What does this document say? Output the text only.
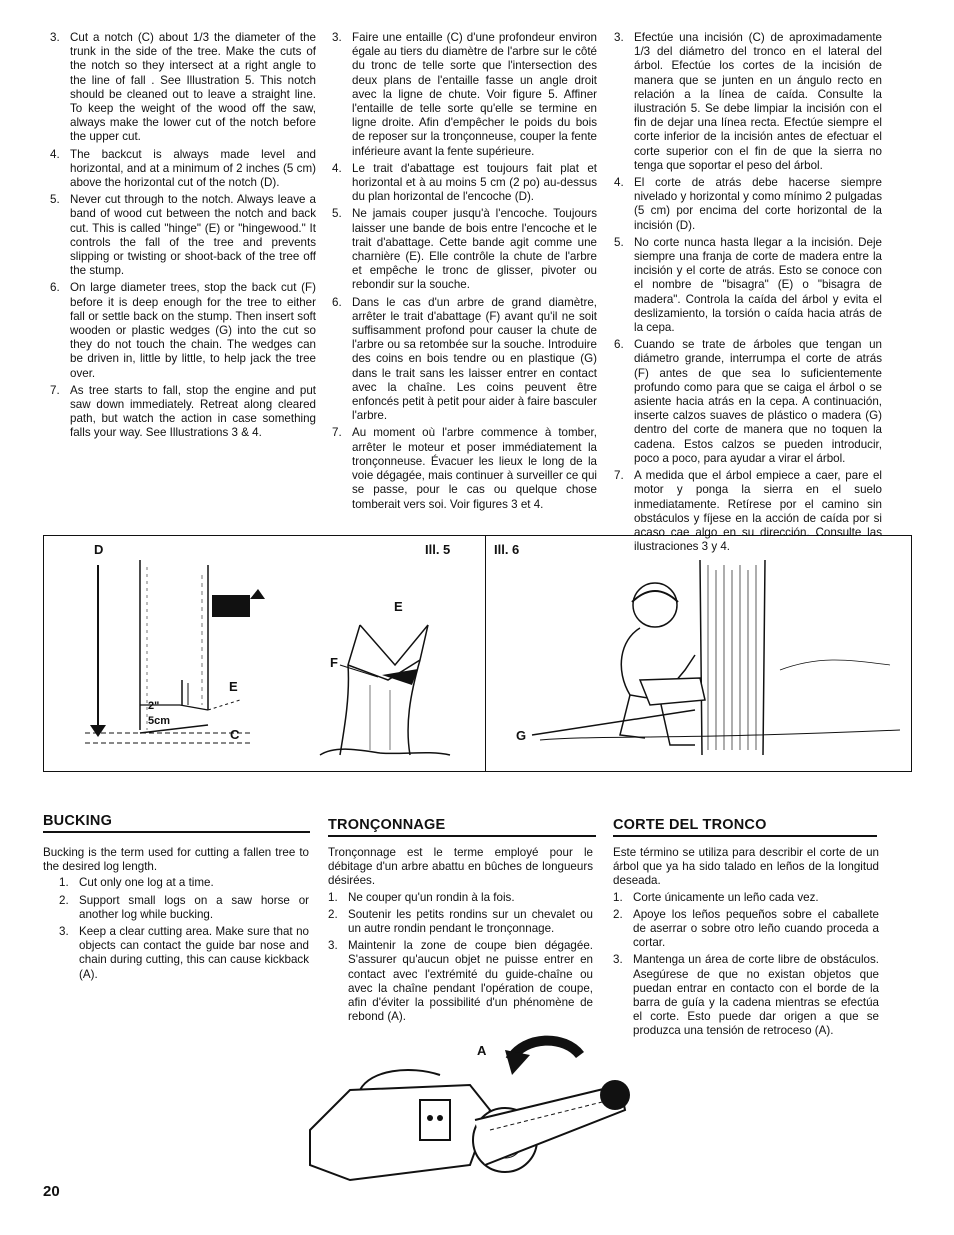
3. Cut a notch (C) about 1/3 the diameter of the trunk in the side of the tree. Make the cuts of the notch so they intersect at a right angle to the line of fall . See Illustration 5. This notch should be cleaned out to leave a straight line. To keep the weight of the wood off the saw, always make the lower cut of the notch before the upper cut.
4. The backcut is always made level and horizontal, and at a minimum of 2 inches (5 cm) above the horizontal cut of the notch (D).
5. Never cut through to the notch. Always leave a band of wood cut between the notch and back cut. This is called "hinge" (E) or "hingewood." It controls the fall of the tree and prevents slipping or twisting or shoot-back of the tree off the stump.
6. On large diameter trees, stop the back cut (F) before it is deep enough for the tree to either fall or settle back on the stump. Then insert soft wooden or plastic wedges (G) into the cut so they do not touch the chain. The wedges can be driven in, little by little, to help jack the tree over.
7. As tree starts to fall, stop the engine and put saw down immediately. Retreat along cleared path, but watch the action in case something falls your way. See Illustrations 3 & 4.
3. Faire une entaille (C) d'une profondeur environ égale au tiers du diamètre de l'arbre sur le côté du tronc de telle sorte que l'intersection des deux plans de l'entaille fasse un angle droit avec la ligne de chute. Voir figure 5. Affiner l'entaille de telle sorte qu'elle se termine en ligne droite. Afin d'empêcher le poids du bois de reposer sur la tronçonneuse, couper la fente inférieure avant la fente supérieure.
4. Le trait d'abattage est toujours fait plat et horizontal et à au moins 5 cm (2 po) au-dessus du plan horizontal de l'encoche (D).
5. Ne jamais couper jusqu'à l'encoche. Toujours laisser une bande de bois entre l'encoche et le trait d'abattage. Cette bande agit comme une charnière (E). Elle contrôle la chute de l'arbre et empêche le tronc de glisser, pivoter ou rebondir sur la souche.
6. Dans le cas d'un arbre de grand diamètre, arrêter le trait d'abattage (F) avant qu'il ne soit suffisamment profond pour causer la chute de l'arbre ou sa retombée sur la souche. Introduire des coins en bois tendre ou en plastique (G) dans le trait sans les laisser entrer en contact avec la chaîne. Les coins peuvent être enfoncés petit à petit pour aider à faire basculer l'arbre.
7. Au moment où l'arbre commence à tomber, arrêter le moteur et poser immédiatement la tronçonneuse. Évacuer les lieux le long de la voie dégagée, mais continuer à surveiller ce qui se passe, pour le cas ou quelque chose tomberait vers soi. Voir figures 3 et 4.
3. Efectúe una incisión (C) de aproximadamente 1/3 del diámetro del tronco en el lateral del árbol. Efectúe los cortes de la incisión de manera que se junten en un ángulo recto en relación a la línea de caída. Consulte la ilustración 5. Se debe limpiar la incisión con el fin de dejar una línea recta. Efectúe siempre el corte inferior de la incisión antes de efectuar el corte superior con el fin de que la sierra no tenga que soportar el peso del árbol.
4. El corte de atrás debe hacerse siempre nivelado y horizontal y como mínimo 2 pulgadas (5 cm) por encima del corte horizontal de la incisión (D).
5. No corte nunca hasta llegar a la incisión. Deje siempre una franja de corte de madera entre la incisión y el corte de atrás. Esto se conoce con el nombre de "bisagra" (E) o "bisagra de madera". Controla la caída del árbol y evita el deslizamiento, la torsión o caída hacia atrás de la cepa.
6. Cuando se trate de árboles que tengan un diámetro grande, interrumpa el corte de atrás (F) antes de que sea lo suficientemente profundo como para que se caiga el árbol o se asiente hacia atrás en la cepa. A continuación, inserte calzos suaves de plástico o madera (G) dentro del corte de manera que no toquen la cadena. Estos calzos se pueden introducir, poco a poco, para ayudar a virar el árbol.
7. A medida que el árbol empiece a caer, pare el motor y ponga la sierra en el suelo inmediatamente. Retírese por el camino sin obstáculos y fíjese en la acción de caída por si acaso cae algo en su dirección. Consulte las ilustraciones 3 y 4.
D	Ill. 5	Ill. 6
E
C
E
F
G
2"
5cm
BUCKING	TRONÇONNAGE	CORTE DEL TRONCO

Bucking is the term used for cutting a fallen tree to the desired log length.

1. Cut only one log at a time.
2. Support small logs on a saw horse or another log while bucking.
3. Keep a clear cutting area. Make sure that no objects can contact the guide bar nose and chain during cutting, this can cause kickback (A).

Tronçonnage est le terme employé pour le débitage d'un arbre abattu en bûches de longueurs désirées.

1. Ne couper qu'un rondin à la fois.
2. Soutenir les petits rondins sur un chevalet ou un autre rondin pendant le tronçonnage.
3. Maintenir la zone de coupe bien dégagée. S'assurer qu'aucun objet ne puisse entrer en contact avec l'extrémité du guide-chaîne ou avec la chaîne pendant l'opération de coupe, afin d'éviter la possibilité d'un phénomène de rebond (A).

Este término se utiliza para describir el corte de un árbol que ya ha sido talado en leños de la longitud deseada.

1. Corte únicamente un leño cada vez.
2. Apoye los leños pequeños sobre el caballete de aserrar o sobre otro leño cuando proceda a cortar.
3. Mantenga un área de corte libre de obstáculos. Asegúrese de que no existan objetos que puedan entrar en contacto con el borde de la barra de guía y la cadena mientras se efectúa el corte. Esto puede dar origen a que se produzca una tensión de retroceso (A).
A
20
